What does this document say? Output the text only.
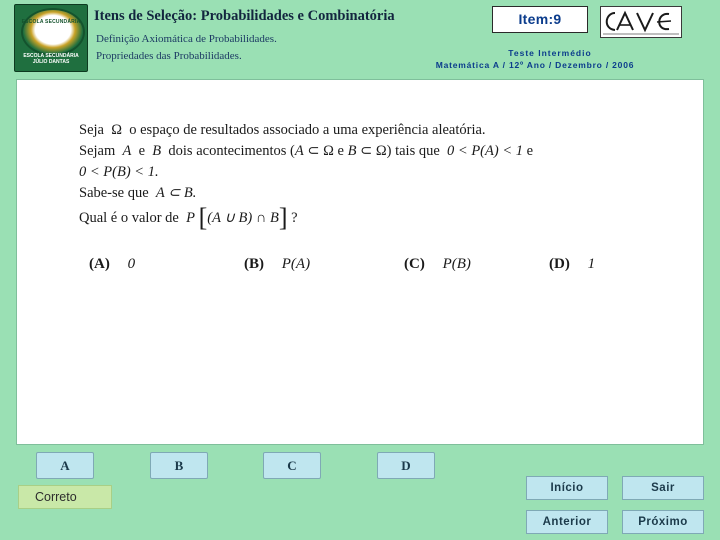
ESCOLA SECUNDÁRIA
ESCOLA SECUNDÁRIA
JÚLIO DANTAS
Itens de Seleção: Probabilidades e Combinatória
Definição Axiomática de Probabilidades.
Propriedades das Probabilidades.
Item:9
Teste Intermédio
Matemática A / 12º Ano / Dezembro / 2006
Seja  Ω  o espaço de resultados associado a uma experiência aleatória.
Sejam  A  e  B  dois acontecimentos (A ⊂ Ω e B ⊂ Ω) tais que  0 < P(A) < 1 e
0 < P(B) < 1.
Sabe-se que  A ⊂ B.
Qual é o valor de  P [(A ∪ B) ∩ B] ?
(A) 0	(B) P(A)	(C) P(B)	(D) 1
A	B	C	D
Correto
Início	Sair
Anterior	Próximo
